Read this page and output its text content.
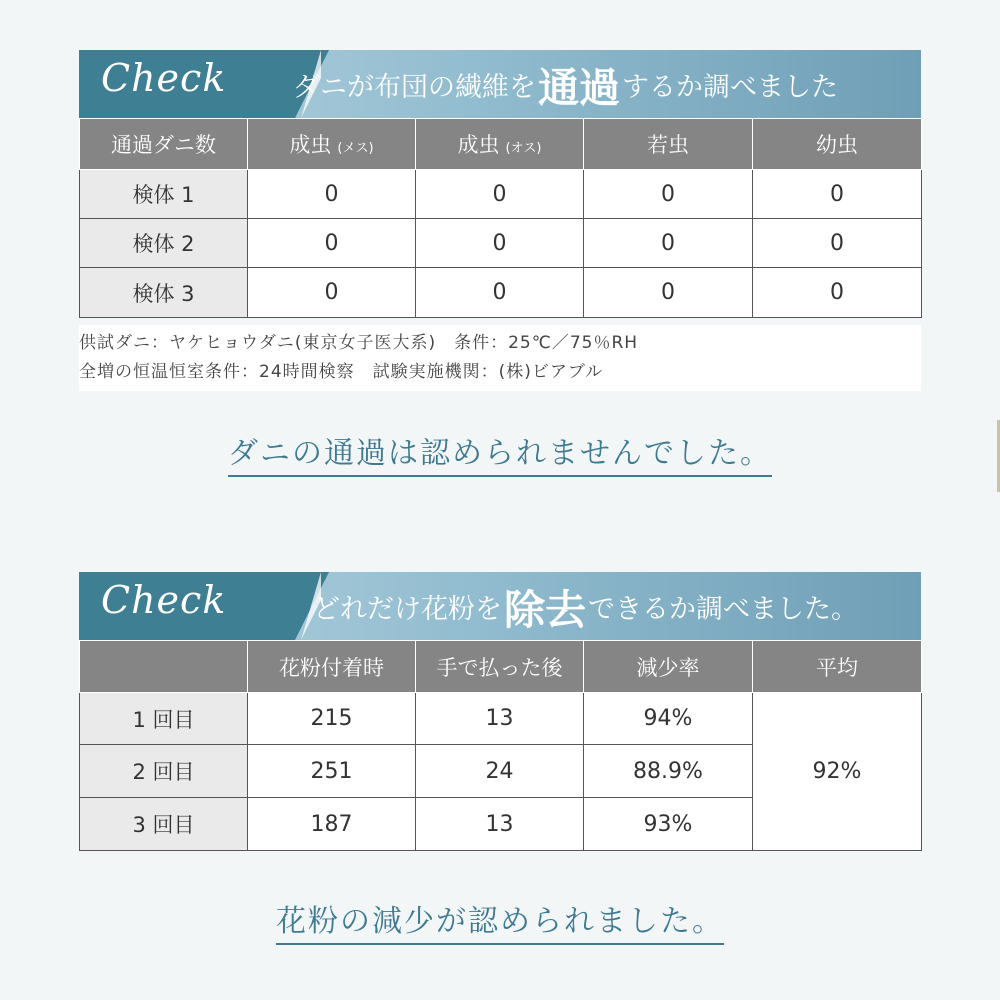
Check ダニが布団の繊維を 通過 するか調べました
通過ダニ数	成虫 (メス)	成虫 (オス)	若虫	幼虫
検体 1	0	0	0	0
検体 2	0	0	0	0
検体 3	0	0	0	0
供試ダニ：ヤケヒョウダニ(東京女子医大系)　条件：25℃／75％RH
全増の恒温恒室条件：24時間検察　試験実施機関：(株)ビアブル
ダニの通過は認められませんでした。
Check	どれだけ花粉を 除去 できるか調べました。
	花粉付着時	手で払った後	減少率	平均
1 回目	215	13	94%	92%
2 回目	251	24	88.9%	
3 回目	187	13	93%	
花粉の減少が認められました。
